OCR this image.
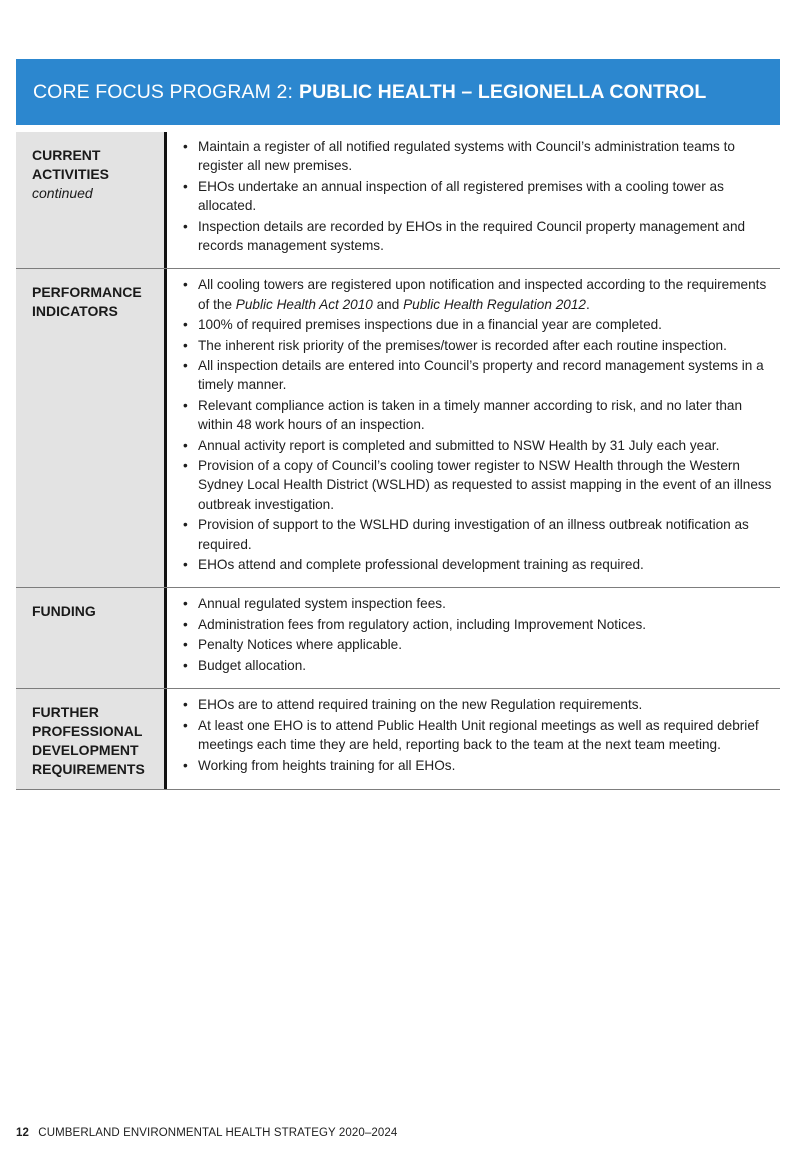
CORE FOCUS PROGRAM 2: PUBLIC HEALTH – LEGIONELLA CONTROL
CURRENT
ACTIVITIES
continued
• Maintain a register of all notified regulated systems with Council’s administration teams to register all new premises.
• EHOs undertake an annual inspection of all registered premises with a cooling tower as allocated.
• Inspection details are recorded by EHOs in the required Council property management and records management systems.
PERFORMANCE
INDICATORS
• All cooling towers are registered upon notification and inspected according to the requirements of the Public Health Act 2010 and Public Health Regulation 2012.
• 100% of required premises inspections due in a financial year are completed.
• The inherent risk priority of the premises/tower is recorded after each routine inspection.
• All inspection details are entered into Council’s property and record management systems in a timely manner.
• Relevant compliance action is taken in a timely manner according to risk, and no later than within 48 work hours of an inspection.
• Annual activity report is completed and submitted to NSW Health by 31 July each year.
• Provision of a copy of Council’s cooling tower register to NSW Health through the Western Sydney Local Health District (WSLHD) as requested to assist mapping in the event of an illness outbreak investigation.
• Provision of support to the WSLHD during investigation of an illness outbreak notification as required.
• EHOs attend and complete professional development training as required.
FUNDING
•	Annual regulated system inspection fees.
• Administration fees from regulatory action, including Improvement Notices.
• Penalty Notices where applicable.
• Budget allocation.
FURTHER
PROFESSIONAL
DEVELOPMENT
REQUIREMENTS
• EHOs are to attend required training on the new Regulation requirements.
• At least one EHO is to attend Public Health Unit regional meetings as well as required debrief meetings each time they are held, reporting back to the team at the next team meeting.
• Working from heights training for all EHOs.
12 CUMBERLAND ENVIRONMENTAL HEALTH STRATEGY 2020–2024
